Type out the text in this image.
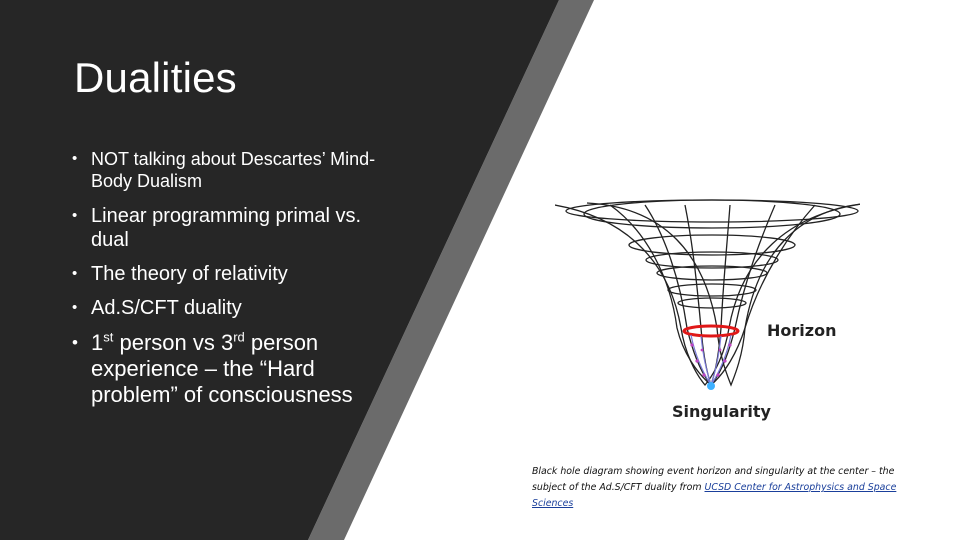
Dualities
• NOT talking about Descartes’ Mind-Body Dualism
• Linear programming primal vs. dual
• The theory of relativity
• Ad.S/CFT duality
• 1st person vs 3rd person experience – the “Hard problem” of consciousness
Horizon
Singularity
Black hole diagram showing event horizon and singularity at the center – the subject of the Ad.S/CFT duality from UCSD Center for Astrophysics and Space Sciences
